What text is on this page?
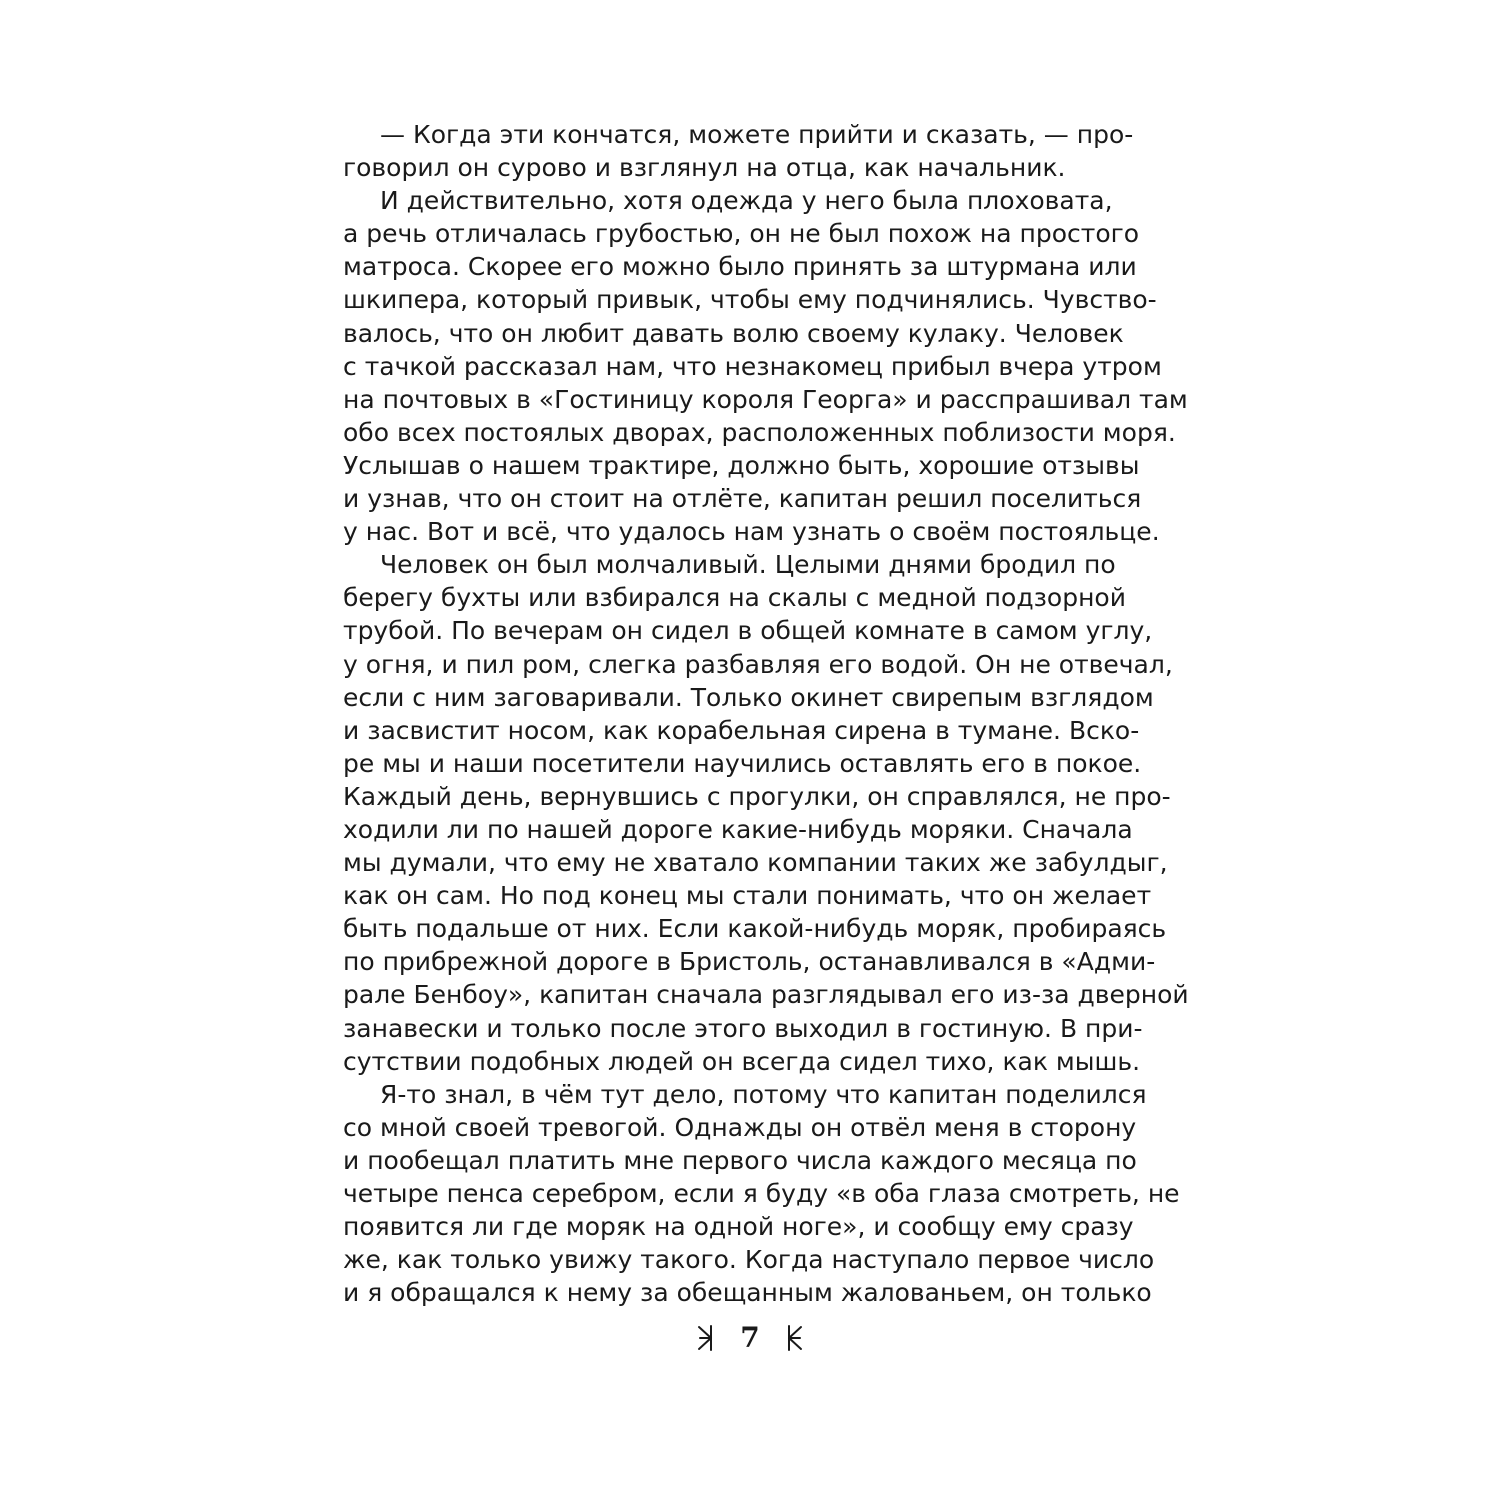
— Когда эти кончатся, можете прийти и сказать, — про-
говорил он сурово и взглянул на отца, как начальник.
И действительно, хотя одежда у него была плоховата,
а речь отличалась грубостью, он не был похож на простого
матроса. Скорее его можно было принять за штурмана или
шкипера, который привык, чтобы ему подчинялись. Чувство-
валось, что он любит давать волю своему кулаку. Человек
с тачкой рассказал нам, что незнакомец прибыл вчера утром
на почтовых в «Гостиницу короля Георга» и расспрашивал там
обо всех постоялых дворах, расположенных поблизости моря.
Услышав о нашем трактире, должно быть, хорошие отзывы
и узнав, что он стоит на отлёте, капитан решил поселиться
у нас. Вот и всё, что удалось нам узнать о своём постояльце.
Человек он был молчаливый. Целыми днями бродил по
берегу бухты или взбирался на скалы с медной подзорной
трубой. По вечерам он сидел в общей комнате в самом углу,
у огня, и пил ром, слегка разбавляя его водой. Он не отвечал,
если с ним заговаривали. Только окинет свирепым взглядом
и засвистит носом, как корабельная сирена в тумане. Вско-
ре мы и наши посетители научились оставлять его в покое.
Каждый день, вернувшись с прогулки, он справлялся, не про-
ходили ли по нашей дороге какие-нибудь моряки. Сначала
мы думали, что ему не хватало компании таких же забулдыг,
как он сам. Но под конец мы стали понимать, что он желает
быть подальше от них. Если какой-нибудь моряк, пробираясь
по прибрежной дороге в Бристоль, останавливался в «Адми-
рале Бенбоу», капитан сначала разглядывал его из-за дверной
занавески и только после этого выходил в гостиную. В при-
сутствии подобных людей он всегда сидел тихо, как мышь.
Я-то знал, в чём тут дело, потому что капитан поделился
со мной своей тревогой. Однажды он отвёл меня в сторону
и пообещал платить мне первого числа каждого месяца по
четыре пенса серебром, если я буду «в оба глаза смотреть, не
появится ли где моряк на одной ноге», и сообщу ему сразу
же, как только увижу такого. Когда наступало первое число
и я обращался к нему за обещанным жалованьем, он только
7
